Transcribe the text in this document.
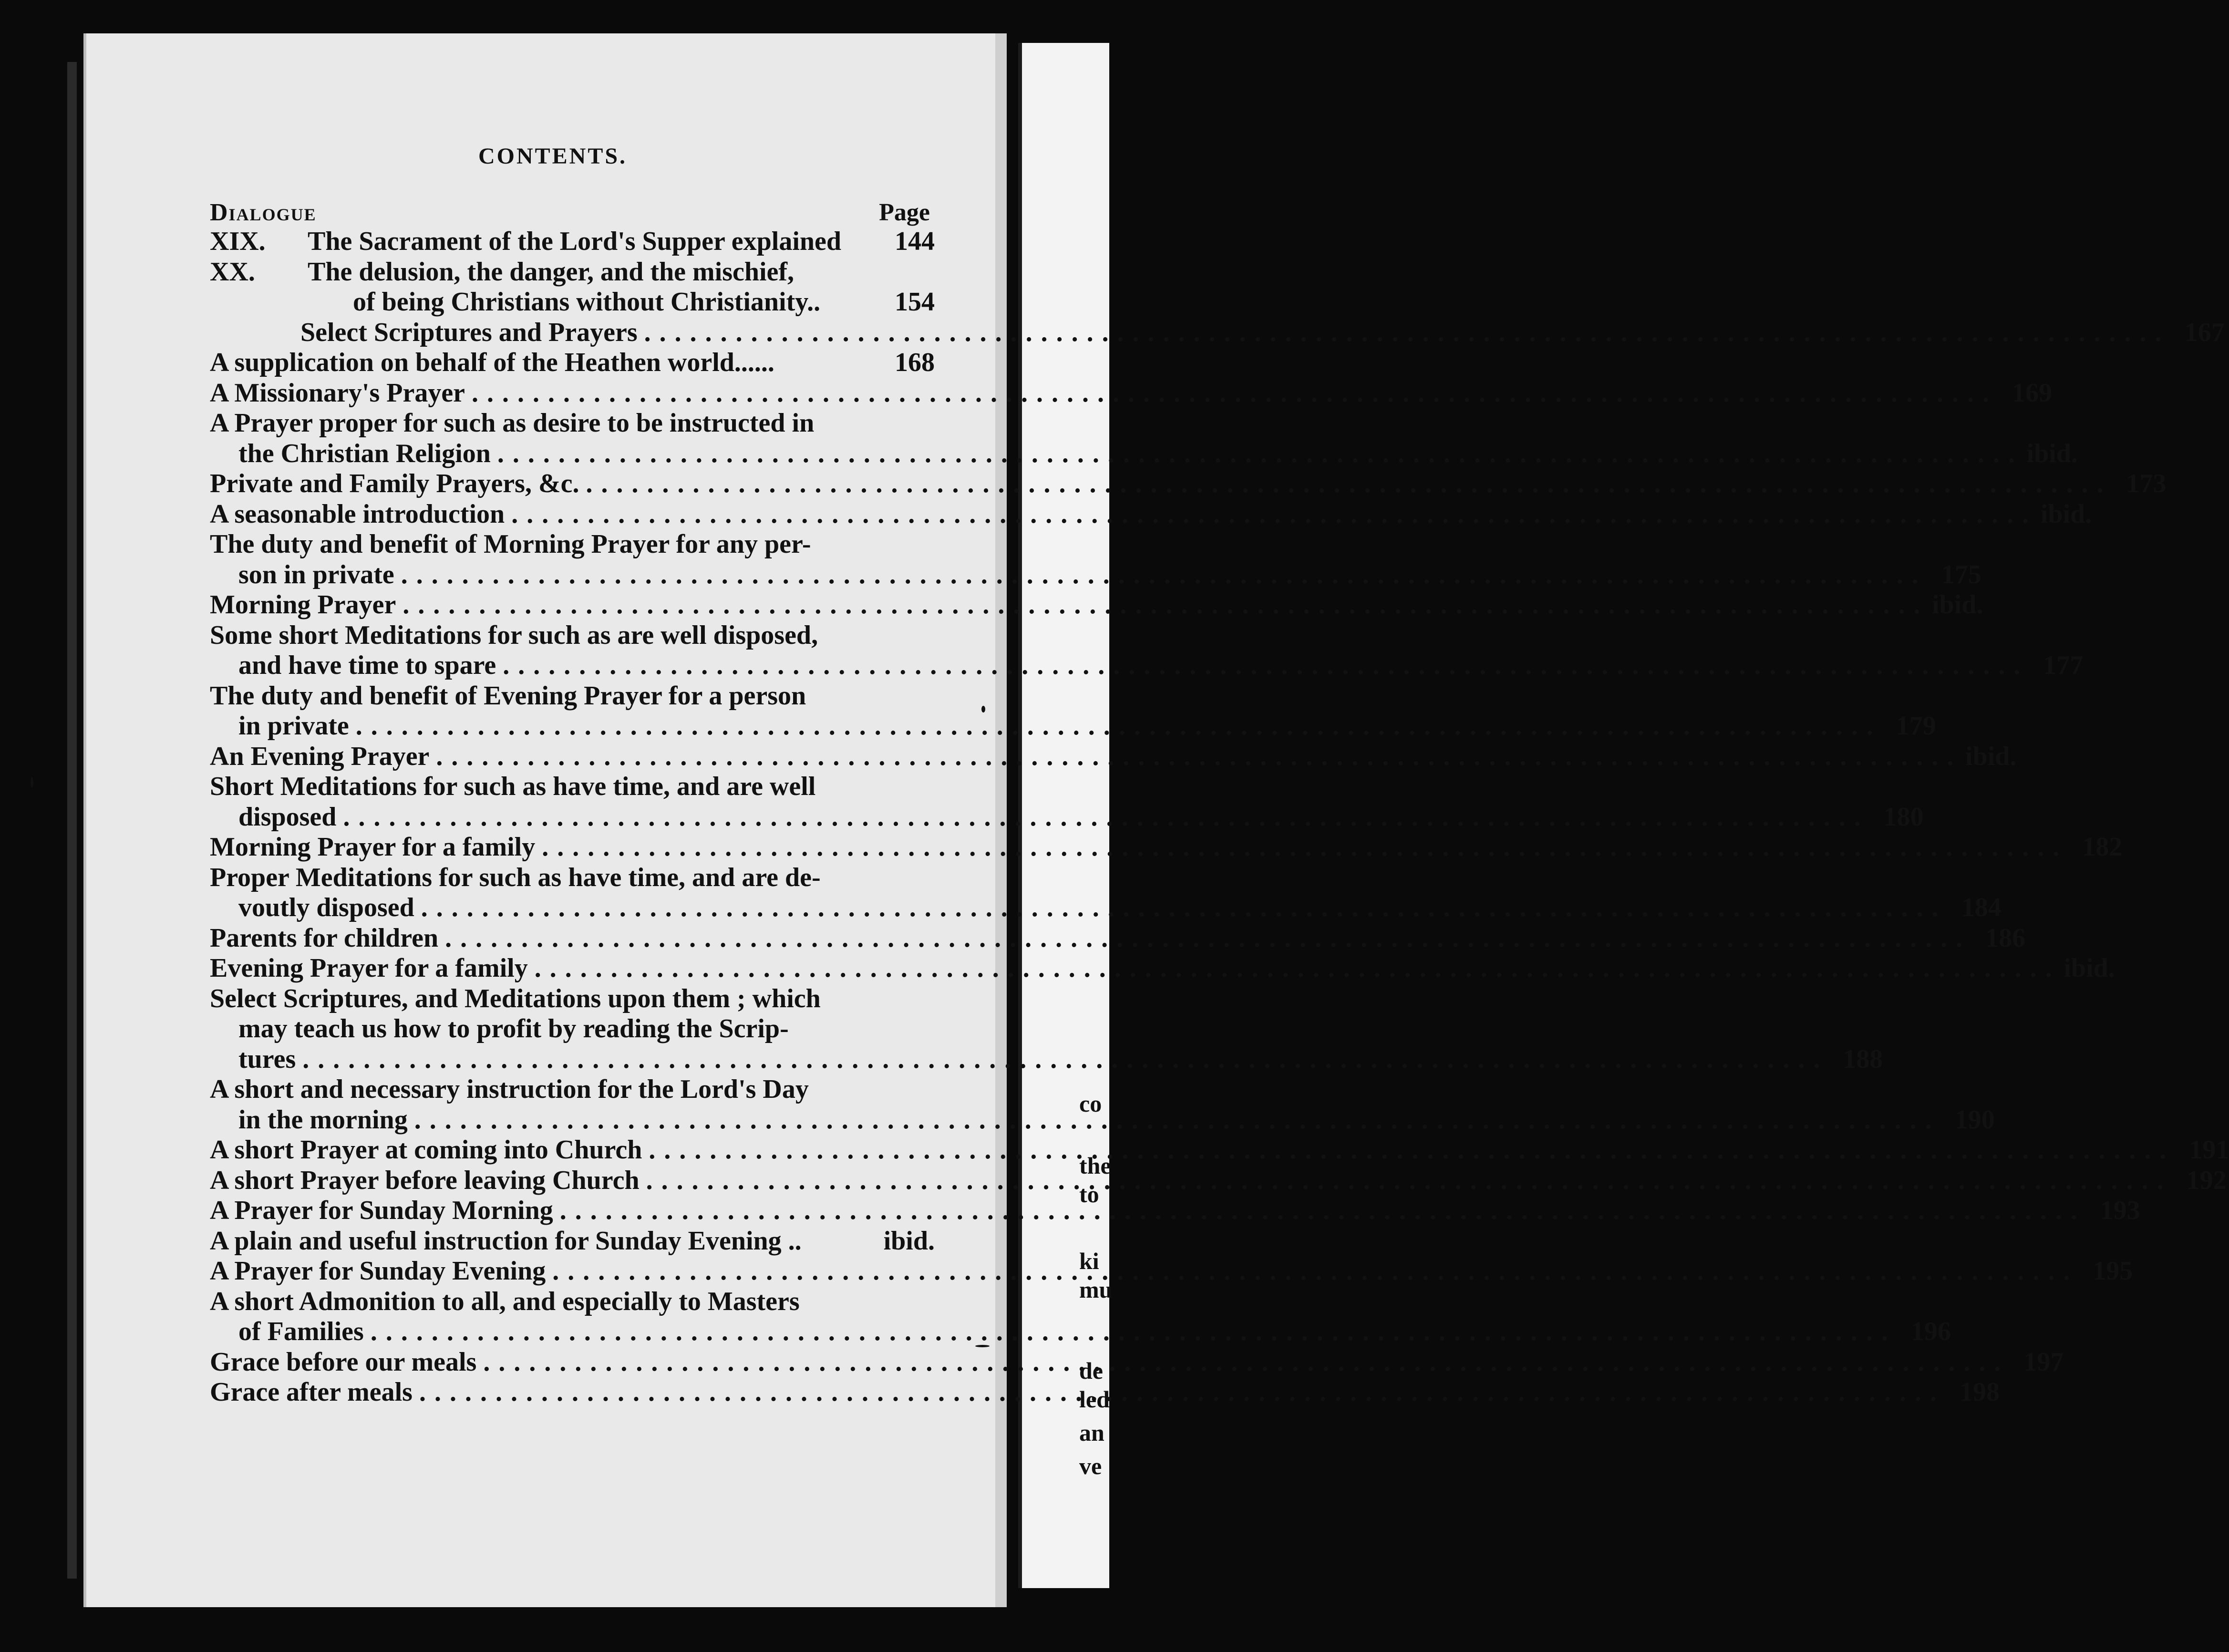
co
the
to
ki
mu
de
led
an
ve
CONTENTS.
Dialogue	Page
XIX.	The Sacrament of the Lord's Supper explained	144
XX.	The delusion, the danger, and the mischief,
of being Christians without Christianity..	154
Select Scriptures and Prayers . . .	167
A supplication on behalf of the Heathen world......	168
A Missionary's Prayer . . .	169
A Prayer proper for such as desire to be instructed in
the Christian Religion . . .	ibid.
Private and Family Prayers, &c. . . .	173
A seasonable introduction . . .	ibid.
The duty and benefit of Morning Prayer for any per-
son in private . . .	175
Morning Prayer . . .	ibid.
Some short Meditations for such as are well disposed,
and have time to spare . . .	177
The duty and benefit of Evening Prayer for a person
in private . . .	179
An Evening Prayer . . .	ibid.
Short Meditations for such as have time, and are well
disposed . . .	180
Morning Prayer for a family . . .	182
Proper Meditations for such as have time, and are de-
voutly disposed . . .	184
Parents for children . . .	186
Evening Prayer for a family . . .	ibid.
Select Scriptures, and Meditations upon them ; which
may teach us how to profit by reading the Scrip-
tures . . .	188
A short and necessary instruction for the Lord's Day
in the morning . . .	190
A short Prayer at coming into Church . . .	191
A short Prayer before leaving Church . . .	192
A Prayer for Sunday Morning . . .	193
A plain and useful instruction for Sunday Evening ..	ibid.
A Prayer for Sunday Evening . . .	195
A short Admonition to all, and especially to Masters
of Families . . .	196
Grace before our meals . . .	197
Grace after meals . . .	198
